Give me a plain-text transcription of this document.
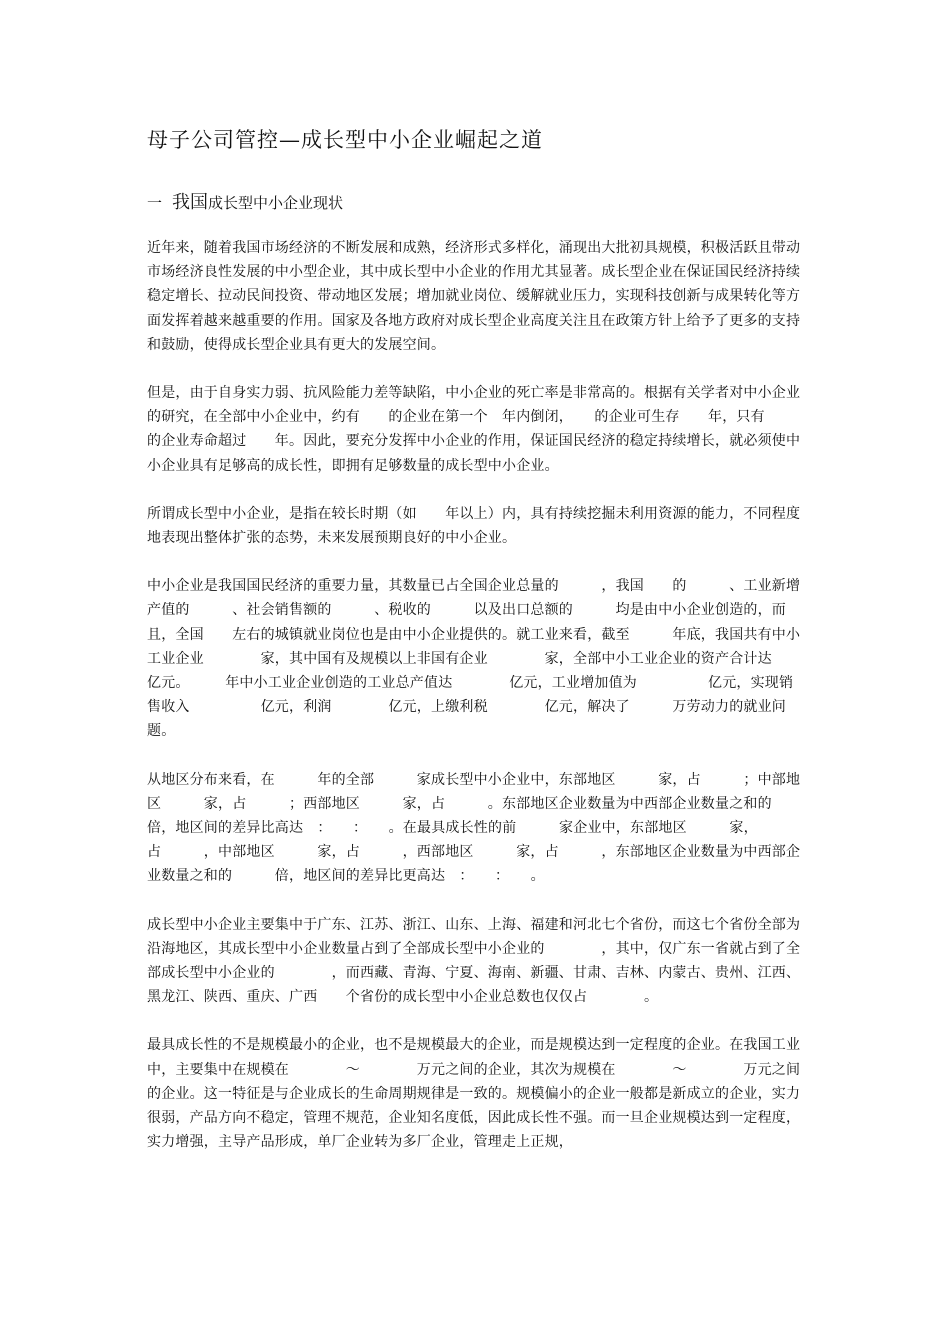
母子公司管控—成长型中小企业崛起之道
一 我国成长型中小企业现状

近年来，随着我国市场经济的不断发展和成熟，经济形式多样化，涌现出大批初具规模，积极活跃且带动市场经济良性发展的中小型企业，其中成长型中小企业的作用尤其显著。成长型企业在保证国民经济持续稳定增长、拉动民间投资、带动地区发展；增加就业岗位、缓解就业压力，实现科技创新与成果转化等方面发挥着越来越重要的作用。国家及各地方政府对成长型企业高度关注且在政策方针上给予了更多的支持和鼓励，使得成长型企业具有更大的发展空间。

但是，由于自身实力弱、抗风险能力差等缺陷，中小企业的死亡率是非常高的。根据有关学者对中小企业的研究，在全部中小企业中，约有　　的企业在第一个　年内倒闭，　　的企业可生存　　年，只有　　的企业寿命超过　　年。因此，要充分发挥中小企业的作用，保证国民经济的稳定持续增长，就必须使中小企业具有足够高的成长性，即拥有足够数量的成长型中小企业。

所谓成长型中小企业，是指在较长时期（如　　年以上）内，具有持续挖掘未利用资源的能力，不同程度地表现出整体扩张的态势，未来发展预期良好的中小企业。

中小企业是我国国民经济的重要力量，其数量已占全国企业总量的　　　，我国　　的　　　、工业新增产值的　　　、社会销售额的　　　、税收的　　　以及出口总额的　　　均是由中小企业创造的，而且，全国　　左右的城镇就业岗位也是由中小企业提供的。就工业来看，截至　　　年底，我国共有中小工业企业　　　　家，其中国有及规模以上非国有企业　　　　家，全部中小工业企业的资产合计达　　　　　亿元。　　　年中小工业企业创造的工业总产值达　　　　亿元，工业增加值为　　　　　亿元，实现销售收入　　　　　亿元，利润　　　　亿元，上缴利税　　　　亿元，解决了　　　万劳动力的就业问题。

从地区分布来看，在　　　年的全部　　　家成长型中小企业中，东部地区　　　家，占　　　；中部地区　　　家，占　　　；西部地区　　　家，占　　　。东部地区企业数量为中西部企业数量之和的　　　倍，地区间的差异比高达　：　　：　　。在最具成长性的前　　　家企业中，东部地区　　　家，占　　　，中部地区　　　家，占　　　，西部地区　　　家，占　　　，东部地区企业数量为中西部企业数量之和的　　　倍，地区间的差异比更高达　：　　：　　。

成长型中小企业主要集中于广东、江苏、浙江、山东、上海、福建和河北七个省份，而这七个省份全部为沿海地区，其成长型中小企业数量占到了全部成长型中小企业的　　　　，其中，仅广东一省就占到了全部成长型中小企业的　　　　，而西藏、青海、宁夏、海南、新疆、甘肃、吉林、内蒙古、贵州、江西、黑龙江、陕西、重庆、广西　　个省份的成长型中小企业总数也仅仅占　　　　。

最具成长性的不是规模最小的企业，也不是规模最大的企业，而是规模达到一定程度的企业。在我国工业中，主要集中在规模在　　　　～　　　　万元之间的企业，其次为规模在　　　　～　　　　万元之间的企业。这一特征是与企业成长的生命周期规律是一致的。规模偏小的企业一般都是新成立的企业，实力很弱，产品方向不稳定，管理不规范，企业知名度低，因此成长性不强。而一旦企业规模达到一定程度，实力增强，主导产品形成，单厂企业转为多厂企业，管理走上正规，
